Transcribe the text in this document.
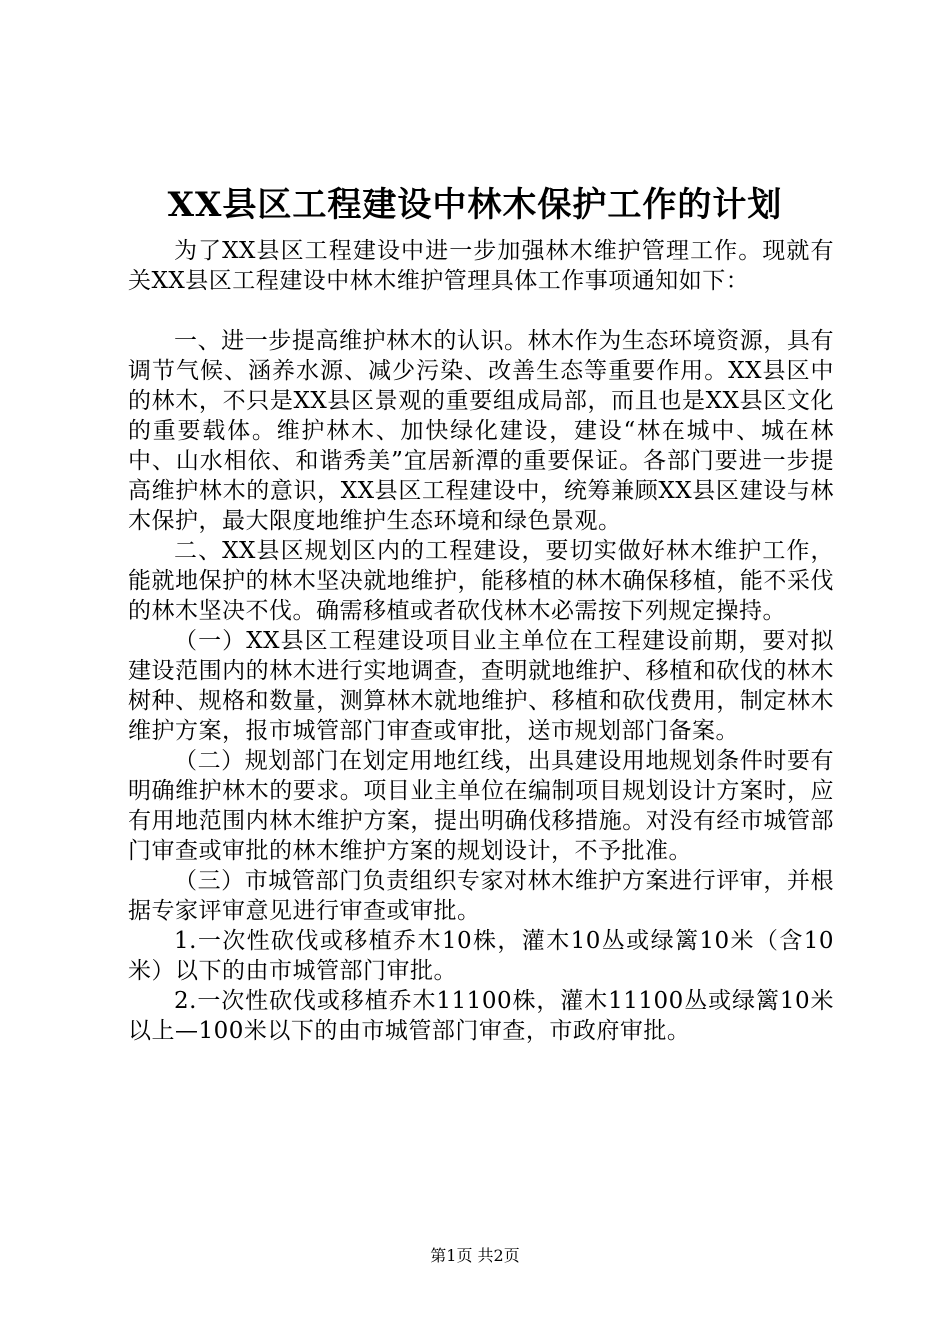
XX县区工程建设中林木保护工作的计划

为了XX县区工程建设中进一步加强林木维护管理工作。现就有关XX县区工程建设中林木维护管理具体工作事项通知如下：

一、进一步提高维护林木的认识。林木作为生态环境资源，具有调节气候、涵养水源、减少污染、改善生态等重要作用。XX县区中的林木，不只是XX县区景观的重要组成局部，而且也是XX县区文化的重要载体。维护林木、加快绿化建设，建设“林在城中、城在林中、山水相依、和谐秀美”宜居新潭的重要保证。各部门要进一步提高维护林木的意识，XX县区工程建设中，统筹兼顾XX县区建设与林木保护，最大限度地维护生态环境和绿色景观。

二、XX县区规划区内的工程建设，要切实做好林木维护工作，能就地保护的林木坚决就地维护，能移植的林木确保移植，能不采伐的林木坚决不伐。确需移植或者砍伐林木必需按下列规定操持。

（一）XX县区工程建设项目业主单位在工程建设前期，要对拟建设范围内的林木进行实地调查，查明就地维护、移植和砍伐的林木树种、规格和数量，测算林木就地维护、移植和砍伐费用，制定林木维护方案，报市城管部门审查或审批，送市规划部门备案。

（二）规划部门在划定用地红线，出具建设用地规划条件时要有明确维护林木的要求。项目业主单位在编制项目规划设计方案时，应有用地范围内林木维护方案，提出明确伐移措施。对没有经市城管部门审查或审批的林木维护方案的规划设计，不予批准。

（三）市城管部门负责组织专家对林木维护方案进行评审，并根据专家评审意见进行审查或审批。

1.一次性砍伐或移植乔木10株，灌木10丛或绿篱10米（含10米）以下的由市城管部门审批。

2.一次性砍伐或移植乔木11100株，灌木11100丛或绿篱10米以上—100米以下的由市城管部门审查，市政府审批。

第1页 共2页
